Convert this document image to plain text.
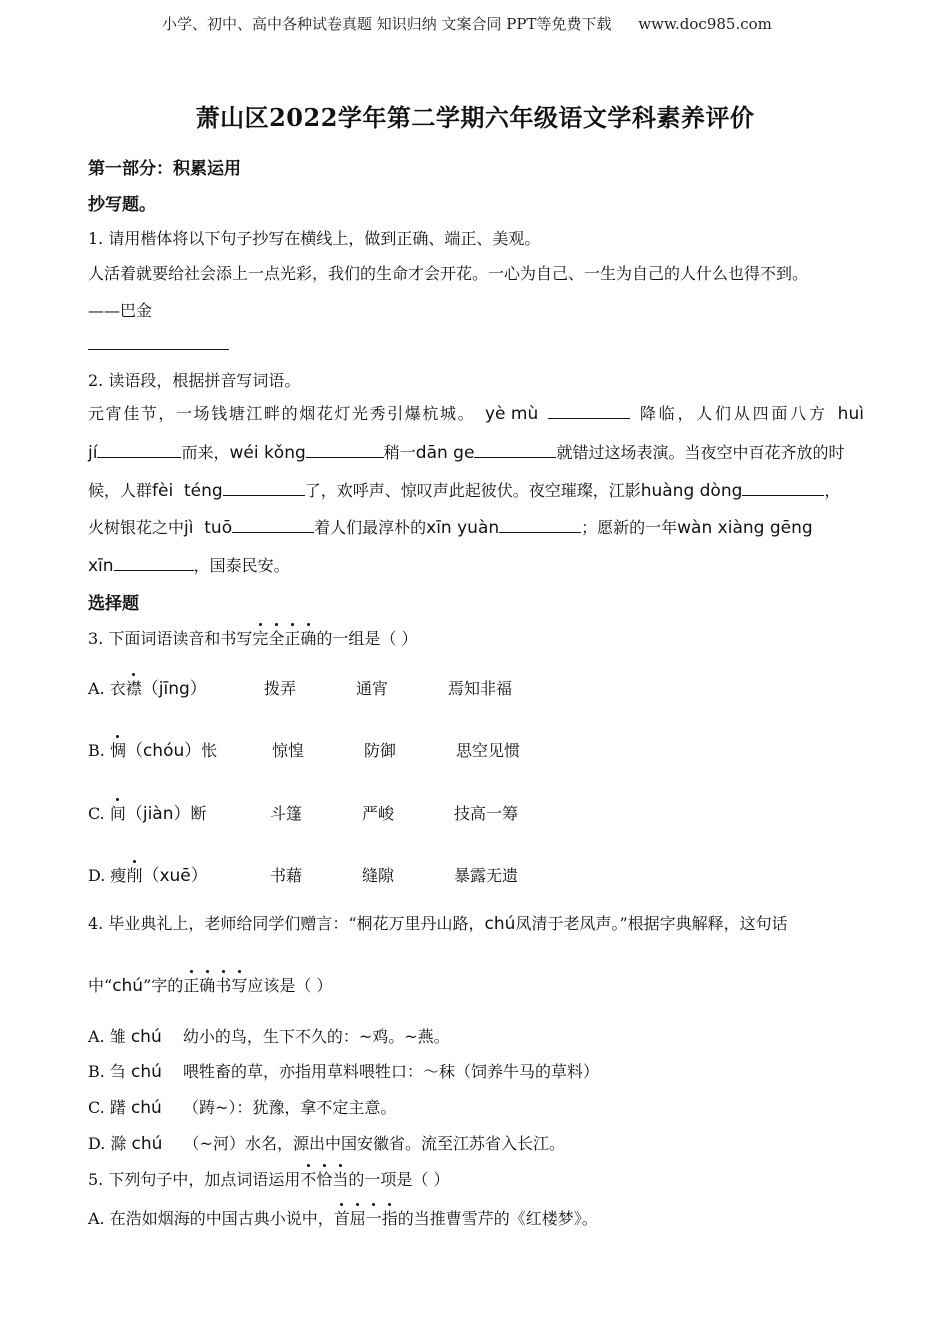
小学、初中、高中各种试卷真题 知识归纳 文案合同 PPT等免费下载 www.doc985.com
萧山区2022学年第二学期六年级语文学科素养评价
第一部分：积累运用
抄写题。
1. 请用楷体将以下句子抄写在横线上，做到正确、端正、美观。
人活着就要给社会添上一点光彩，我们的生命才会开花。一心为自己、一生为自己的人什么也得不到。
——巴金
2. 读语段，根据拼音写词语。
元宵佳节，一场钱塘江畔的烟花灯光秀引爆杭城。 yè mù	降临，人们从四面八方 huì
jí	而来， wéi kǒng	稍一 dān ge	就错过这场表演。当夜空中百花齐放的时
候，人群 fèi  téng	了，欢呼声、惊叹声此起彼伏。夜空璀璨，江影 huàng dòng	，
火树银花之中 jì  tuō	着人们最淳朴的 xīn yuàn	；愿新的一年 wàn xiàng gēng
xīn	，国泰民安。
选择题
3. 下面词语读音和书写完全正确的一组是（ ）
A. 衣襟（jīng）	拨弄	通宵	焉知非福
B. 惆（chóu）怅	惊惶	防御	思空见惯
C. 间（jiàn）断	斗篷	严峻	技高一筹
D. 瘦削（xuē）	书藉	缝隙	暴露无遗
4. 毕业典礼上，老师给同学们赠言：“桐花万里丹山路，chú凤清于老凤声。”根据字典解释，这句话
中“chú”字的正确书写应该是（ ）
A. 雏 chú 幼小的鸟，生下不久的：~鸡。~燕。
B. 刍 chú 喂牲畜的草，亦指用草料喂牲口：～秣（饲养牛马的草料）
C. 躇 chú （踌~）：犹豫，拿不定主意。
D. 滁 chú （~河）水名，源出中国安徽省。流至江苏省入长江。
5. 下列句子中，加点词语运用不恰当的一项是（ ）
A. 在浩如烟海的中国古典小说中，首屈一指的当推曹雪芹的《红楼梦》。
